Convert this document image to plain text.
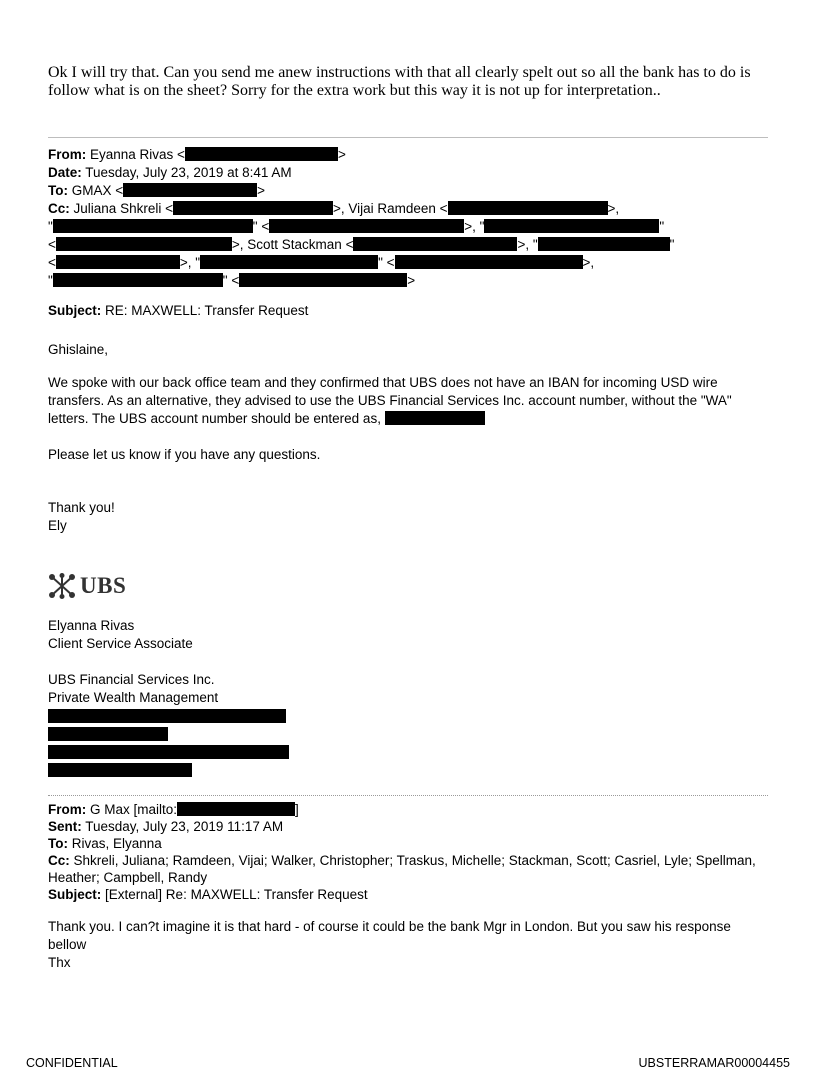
Ok I will try that. Can you send me anew instructions with that all clearly spelt out so all the bank has to do is follow what is on the sheet? Sorry for the extra work but this way it is not up for interpretation..
From: Eyanna Rivas <	>
Date: Tuesday, July 23, 2019 at 8:41 AM
To: GMAX <	>
Cc: Juliana Shkreli <	>, Vijai Ramdeen <	>,
"	" <	>, "	"
<	>, Scott Stackman <	>, "	"
<	>, "	" <	>,
"	" <	>
Subject: RE: MAXWELL: Transfer Request
Ghislaine,
We spoke with our back office team and they confirmed that UBS does not have an IBAN for incoming USD wire transfers. As an alternative, they advised to use the UBS Financial Services Inc. account number, without the "WA" letters. The UBS account number should be entered as,
Please let us know if you have any questions.
Thank you!
Ely
UBS
Elyanna Rivas
Client Service Associate
UBS Financial Services Inc.
Private Wealth Management
From: G Max [mailto:	]
Sent: Tuesday, July 23, 2019 11:17 AM
To: Rivas, Elyanna
Cc: Shkreli, Juliana; Ramdeen, Vijai; Walker, Christopher; Traskus, Michelle; Stackman, Scott; Casriel, Lyle; Spellman,
Heather; Campbell, Randy
Subject: [External] Re: MAXWELL: Transfer Request
Thank you. I can?t imagine it is that hard - of course it could be the bank Mgr in London. But you saw his response
bellow
Thx
CONFIDENTIAL	UBSTERRAMAR00004455
